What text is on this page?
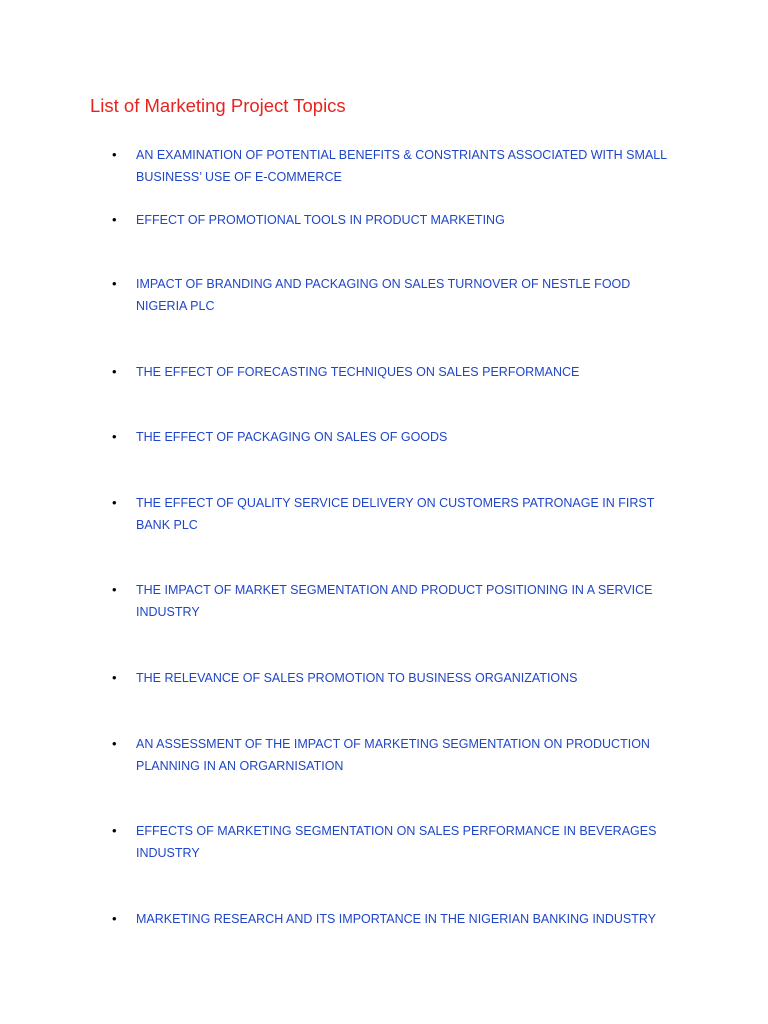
List of Marketing Project Topics
• AN EXAMINATION OF POTENTIAL BENEFITS & CONSTRIANTS ASSOCIATED WITH SMALL BUSINESS’ USE OF E-COMMERCE
• EFFECT OF PROMOTIONAL TOOLS IN PRODUCT MARKETING
• IMPACT OF BRANDING AND PACKAGING ON SALES TURNOVER OF NESTLE FOOD NIGERIA PLC
• THE EFFECT OF FORECASTING TECHNIQUES ON SALES PERFORMANCE
• THE EFFECT OF PACKAGING ON SALES OF GOODS
• THE EFFECT OF QUALITY SERVICE DELIVERY ON CUSTOMERS PATRONAGE IN FIRST BANK PLC
• THE IMPACT OF MARKET SEGMENTATION AND PRODUCT POSITIONING IN A SERVICE INDUSTRY
• THE RELEVANCE OF SALES PROMOTION TO BUSINESS ORGANIZATIONS
• AN ASSESSMENT OF THE IMPACT OF MARKETING SEGMENTATION ON PRODUCTION PLANNING IN AN ORGARNISATION
• EFFECTS OF MARKETING SEGMENTATION ON SALES PERFORMANCE IN BEVERAGES INDUSTRY
• MARKETING RESEARCH AND ITS IMPORTANCE IN THE NIGERIAN BANKING INDUSTRY
